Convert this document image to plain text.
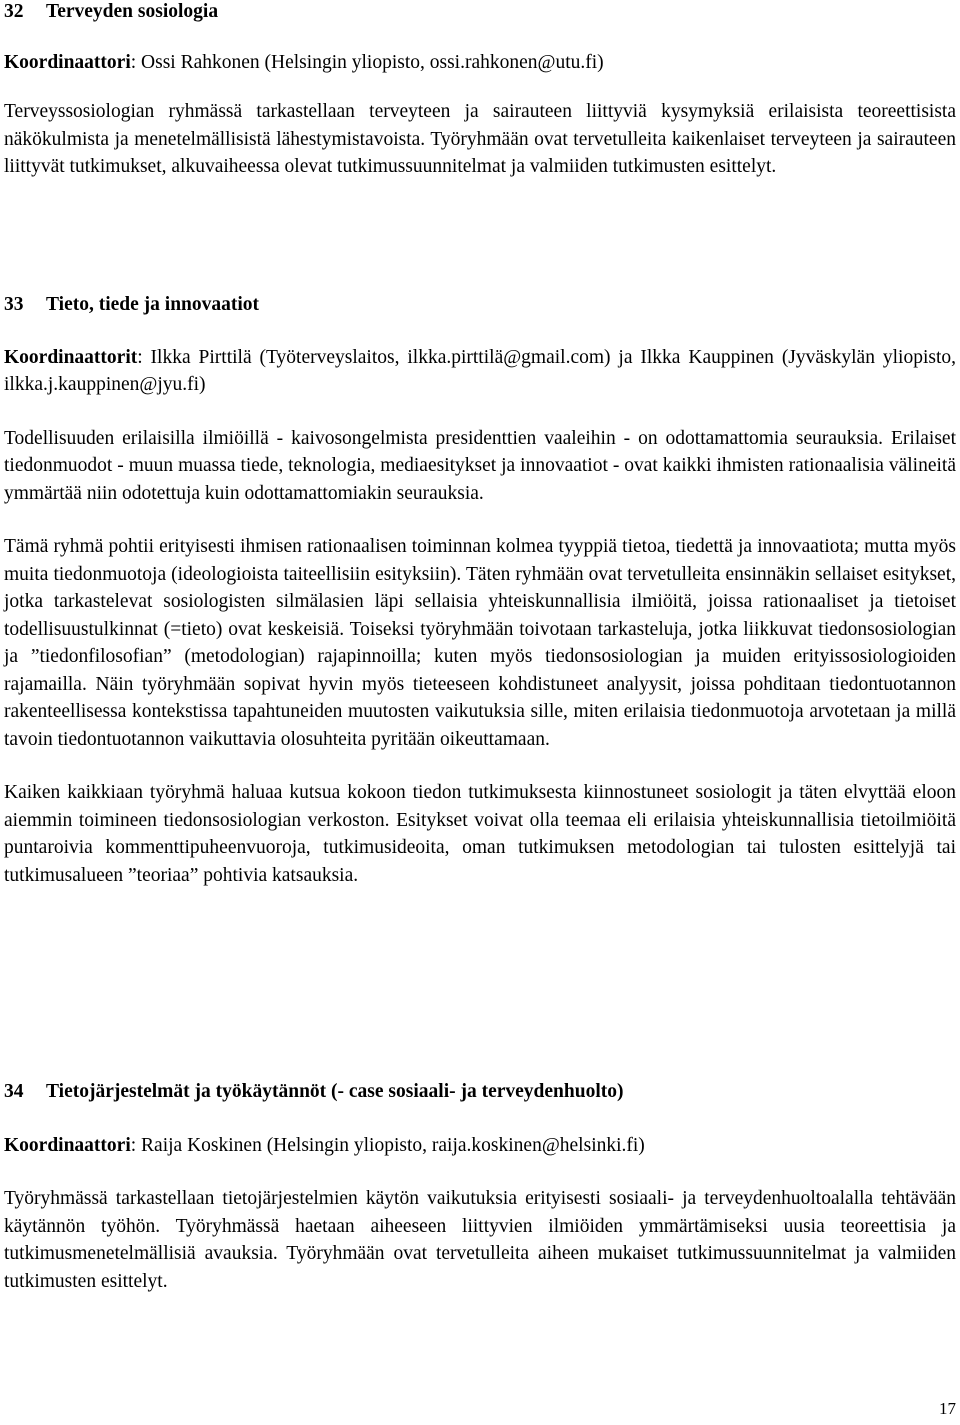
32	Terveyden sosiologia
Koordinaattori: Ossi Rahkonen (Helsingin yliopisto, ossi.rahkonen@utu.fi)

Terveyssosiologian ryhmässä tarkastellaan terveyteen ja sairauteen liittyviä kysymyksiä erilaisista teoreettisista näkökulmista ja menetelmällisistä lähestymistavoista. Työryhmään ovat tervetulleita kaikenlaiset terveyteen ja sairauteen liittyvät tutkimukset, alkuvaiheessa olevat tutkimussuunnitelmat ja valmiiden tutkimusten esittelyt.

33	Tieto, tiede ja innovaatiot
Koordinaattorit: Ilkka Pirttilä (Työterveyslaitos, ilkka.pirttilä@gmail.com) ja Ilkka Kauppinen (Jyväskylän yliopisto, ilkka.j.kauppinen@jyu.fi)

Todellisuuden erilaisilla ilmiöillä - kaivosongelmista presidenttien vaaleihin - on odottamattomia seurauksia. Erilaiset tiedonmuodot - muun muassa tiede, teknologia, mediaesitykset ja innovaatiot - ovat kaikki ihmisten rationaalisia välineitä ymmärtää niin odotettuja kuin odottamattomiakin seurauksia.

Tämä ryhmä pohtii erityisesti ihmisen rationaalisen toiminnan kolmea tyyppiä tietoa, tiedettä ja innovaatiota; mutta myös muita tiedonmuotoja (ideologioista taiteellisiin esityksiin). Täten ryhmään ovat tervetulleita ensinnäkin sellaiset esitykset, jotka tarkastelevat sosiologisten silmälasien läpi sellaisia yhteiskunnallisia ilmiöitä, joissa rationaaliset ja tietoiset todellisuustulkinnat (=tieto) ovat keskeisiä. Toiseksi työryhmään toivotaan tarkasteluja, jotka liikkuvat tiedonsosiologian ja ”tiedonfilosofian” (metodologian) rajapinnoilla; kuten myös tiedonsosiologian ja muiden erityissosiologioiden rajamailla. Näin työryhmään sopivat hyvin myös tieteeseen kohdistuneet analyysit, joissa pohditaan tiedontuotannon rakenteellisessa kontekstissa tapahtuneiden muutosten vaikutuksia sille, miten erilaisia tiedonmuotoja arvotetaan ja millä tavoin tiedontuotannon vaikuttavia olosuhteita pyritään oikeuttamaan.

Kaiken kaikkiaan työryhmä haluaa kutsua kokoon tiedon tutkimuksesta kiinnostuneet sosiologit ja täten elvyttää eloon aiemmin toimineen tiedonsosiologian verkoston. Esitykset voivat olla teemaa eli erilaisia yhteiskunnallisia tietoilmiöitä puntaroivia kommenttipuheenvuoroja, tutkimusideoita, oman tutkimuksen metodologian tai tulosten esittelyjä tai tutkimusalueen ”teoriaa” pohtivia katsauksia.

34	Tietojärjestelmät ja työkäytännöt (- case sosiaali- ja terveydenhuolto)
Koordinaattori: Raija Koskinen (Helsingin yliopisto, raija.koskinen@helsinki.fi)

Työryhmässä tarkastellaan tietojärjestelmien käytön vaikutuksia erityisesti sosiaali- ja terveydenhuoltoalalla tehtävään käytännön työhön. Työryhmässä haetaan aiheeseen liittyvien ilmiöiden ymmärtämiseksi uusia teoreettisia ja tutkimusmenetelmällisiä avauksia. Työryhmään ovat tervetulleita aiheen mukaiset tutkimussuunnitelmat ja valmiiden tutkimusten esittelyt.

17
